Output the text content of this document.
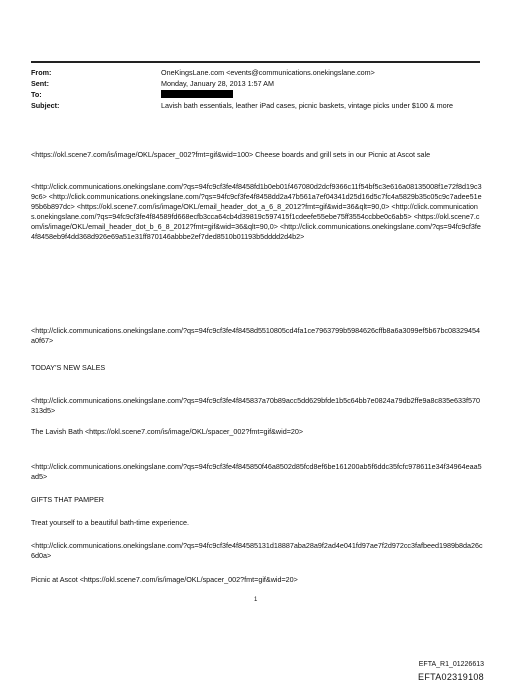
From:	OneKingsLane.com <events@communications.onekingslane.com>
Sent:	Monday, January 28, 2013 1:57 AM
To:
Subject:	Lavish bath essentials, leather iPad cases, picnic baskets, vintage picks under $100 & more
<https://okl.scene7.com/is/image/OKL/spacer_002?fmt=gif&wid=100> Cheese boards and grill sets in our Picnic at Ascot sale
<http://click.communications.onekingslane.com/?qs=94fc9cf3fe4f8458fd1b0eb01f467080d2dcf9366c11f54bf5c3e616a08135008f1e72f8d19c39c6> <http://click.communications.onekingslane.com/?qs=94fc9cf3fe4f8458dd2a47b561a7ef04341d25d16d5c7fc4a5829b35c05c9c7adee51e95b6b897dc> <https://okl.scene7.com/is/image/OKL/email_header_dot_a_6_8_2012?fmt=gif&wid=36&qlt=90,0> <http://click.communications.onekingslane.com/?qs=94fc9cf3fe4f84589fd668ecfb3cca64cb4d39819c597415f1cdeefe55ebe75ff3554ccbbe0c6ab5> <https://okl.scene7.com/is/image/OKL/email_header_dot_b_6_8_2012?fmt=gif&wid=36&qlt=90,0> <http://click.communications.onekingslane.com/?qs=94fc9cf3fe4f8458eb9f4dd368d926e69a51e31ff870146abbbe2ef7ded8510b01193b5dddd2d4b2>
<http://click.communications.onekingslane.com/?qs=94fc9cf3fe4f8458d5510805cd4fa1ce7963799b5984626cffb8a6a3099ef5b67bc08329454a0f67>
TODAY'S NEW SALES
<http://click.communications.onekingslane.com/?qs=94fc9cf3fe4f845837a70b89acc5dd629bfde1b5c64bb7e0824a79db2ffe9a8c835e633f570313d5>
The Lavish Bath <https://okl.scene7.com/is/image/OKL/spacer_002?fmt=gif&wid=20>
<http://click.communications.onekingslane.com/?qs=94fc9cf3fe4f845850f46a8502d85fcd8ef6be161200ab5f6ddc35fcfc978611e34f34964eaa5ad5>
GIFTS THAT PAMPER
Treat yourself to a beautiful bath-time experience.
<http://click.communications.onekingslane.com/?qs=94fc9cf3fe4f84585131d18887aba28a9f2ad4e041fd97ae7f2d972cc3fafbeed1989b8da26c6d0a>
Picnic at Ascot <https://okl.scene7.com/is/image/OKL/spacer_002?fmt=gif&wid=20>
1
EFTA_R1_01226613
EFTA02319108
